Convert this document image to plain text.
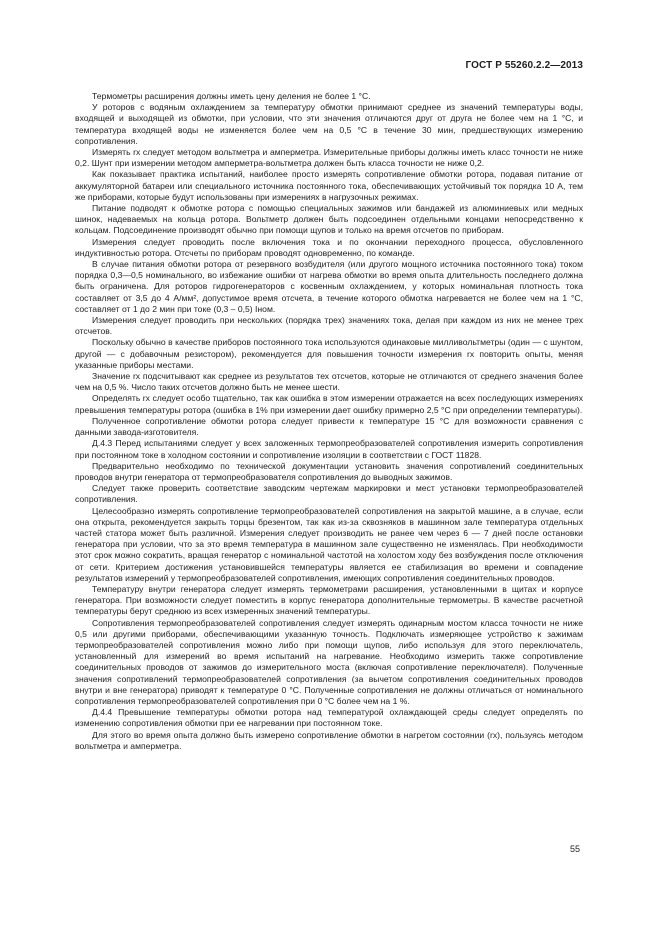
ГОСТ Р 55260.2.2—2013

Термометры расширения должны иметь цену деления не более 1 °С.

У роторов с водяным охлаждением за температуру обмотки принимают среднее из значений температуры воды, входящей и выходящей из обмотки, при условии, что эти значения отличаются друг от друга не более чем на 1 °С, и температура входящей воды не изменяется более чем на 0,5 °С в течение 30 мин, предшествующих измерению сопротивления.

Измерять rx следует методом вольтметра и амперметра. Измерительные приборы должны иметь класс точности не ниже 0,2. Шунт при измерении методом амперметра-вольтметра должен быть класса точности не ниже 0,2.

Как показывает практика испытаний, наиболее просто измерять сопротивление обмотки ротора, подавая питание от аккумуляторной батареи или специального источника постоянного тока, обеспечивающих устойчивый ток порядка 10 А, тем же приборами, которые будут использованы при измерениях в нагрузочных режимах.

Питание подводят к обмотке ротора с помощью специальных зажимов или бандажей из алюминиевых или медных шинок, надеваемых на кольца ротора. Вольтметр должен быть подсоединен отдельными концами непосредственно к кольцам. Подсоединение производят обычно при помощи щупов и только на время отсчетов по приборам.

Измерения следует проводить после включения тока и по окончании переходного процесса, обусловленного индуктивностью ротора. Отсчеты по приборам проводят одновременно, по команде.

В случае питания обмотки ротора от резервного возбудителя (или другого мощного источника постоянного тока) током порядка 0,3—0,5 номинального, во избежание ошибки от нагрева обмотки во время опыта длительность последнего должна быть ограничена. Для роторов гидрогенераторов с косвенным охлаждением, у которых номинальная плотность тока составляет от 3,5 до 4 А/мм², допустимое время отсчета, в течение которого обмотка нагревается не более чем на 1 °С, составляет от 1 до 2 мин при токе (0,3 – 0,5) Iном.

Измерения следует проводить при нескольких (порядка трех) значениях тока, делая при каждом из них не менее трех отсчетов.

Поскольку обычно в качестве приборов постоянного тока используются одинаковые милливольтметры (один — с шунтом, другой — с добавочным резистором), рекомендуется для повышения точности измерения rx повторить опыты, меняя указанные приборы местами.

Значение rx подсчитывают как среднее из результатов тех отсчетов, которые не отличаются от среднего значения более чем на 0,5 %. Число таких отсчетов должно быть не менее шести.

Определять rx следует особо тщательно, так как ошибка в этом измерении отражается на всех последующих измерениях превышения температуры ротора (ошибка в 1% при измерении дает ошибку примерно 2,5 °С при определении температуры).

Полученное сопротивление обмотки ротора следует привести к температуре 15 °С для возможности сравнения с данными завода-изготовителя.

Д.4.3 Перед испытаниями следует у всех заложенных термопреобразователей сопротивления измерить сопротивления при постоянном токе в холодном состоянии и сопротивление изоляции в соответствии с ГОСТ 11828.

Предварительно необходимо по технической документации установить значения сопротивлений соединительных проводов внутри генератора от термопреобразователя сопротивления до выводных зажимов.

Следует также проверить соответствие заводским чертежам маркировки и мест установки термопреобразователей сопротивления.

Целесообразно измерять сопротивление термопреобразователей сопротивления на закрытой машине, а в случае, если она открыта, рекомендуется закрыть торцы брезентом, так как из-за сквозняков в машинном зале температура отдельных частей статора может быть различной. Измерения следует производить не ранее чем через 6 — 7 дней после остановки генератора при условии, что за это время температура в машинном зале существенно не изменялась. При необходимости этот срок можно сократить, вращая генератор с номинальной частотой на холостом ходу без возбуждения после отключения от сети. Критерием достижения установившейся температуры является ее стабилизация во времени и совпадение результатов измерений у термопреобразователей сопротивления, имеющих сопротивления соединительных проводов.

Температуру внутри генератора следует измерять термометрами расширения, установленными в щитах и корпусе генератора. При возможности следует поместить в корпус генератора дополнительные термометры. В качестве расчетной температуры берут среднюю из всех измеренных значений температуры.

Сопротивления термопреобразователей сопротивления следует измерять одинарным мостом класса точности не ниже 0,5 или другими приборами, обеспечивающими указанную точность. Подключать измеряющее устройство к зажимам термопреобразователей сопротивления можно либо при помощи щупов, либо используя для этого переключатель, установленный для измерений во время испытаний на нагревание. Необходимо измерить также сопротивление соединительных проводов от зажимов до измерительного моста (включая сопротивление переключателя). Полученные значения сопротивлений термопреобразователей сопротивления (за вычетом сопротивления соединительных проводов внутри и вне генератора) приводят к температуре 0 °С. Полученные сопротивления не должны отличаться от номинального сопротивления термопреобразователей сопротивления при 0 °С более чем на 1 %.

Д.4.4 Превышение температуры обмотки ротора над температурой охлаждающей среды следует определять по изменению сопротивления обмотки при ее нагревании при постоянном токе.

Для этого во время опыта должно быть измерено сопротивление обмотки в нагретом состоянии (rх), пользуясь методом вольтметра и амперметра.

55
